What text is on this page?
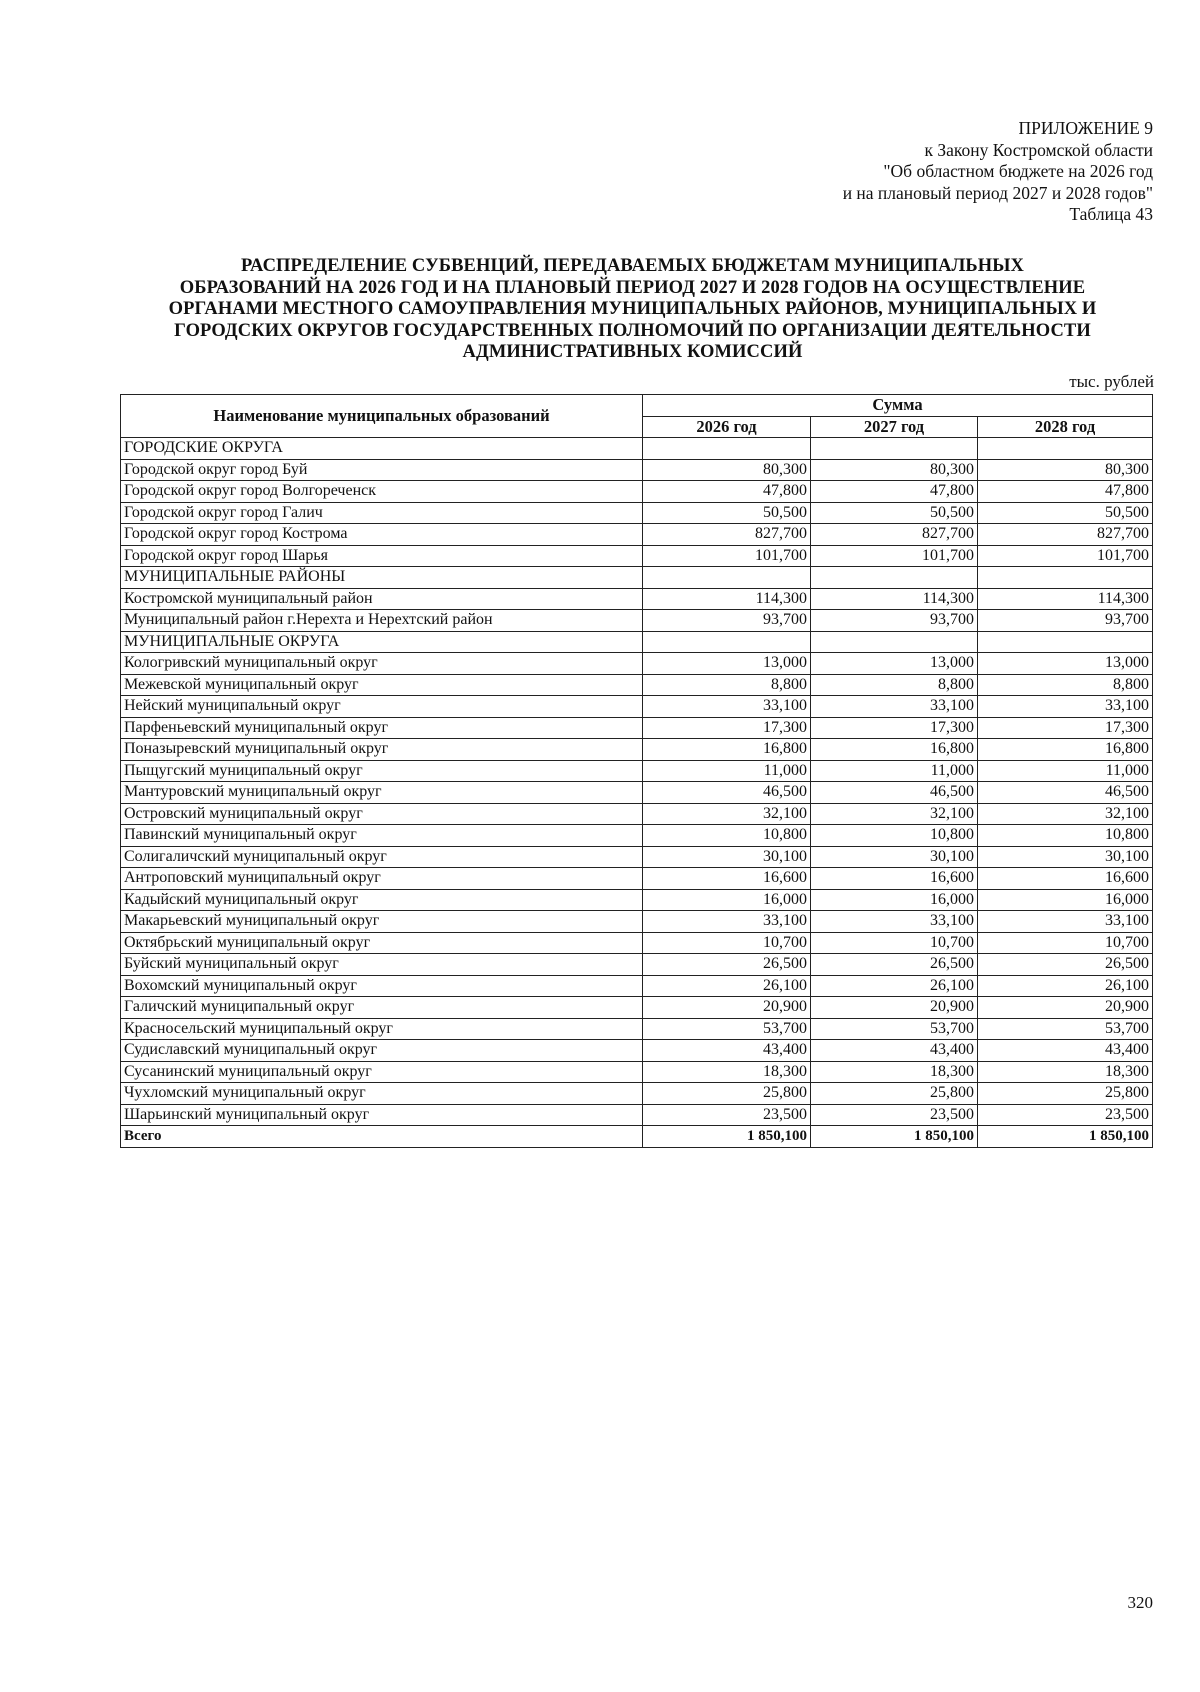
ПРИЛОЖЕНИЕ 9
к Закону Костромской области
"Об областном бюджете на 2026 год
и на плановый период 2027 и 2028 годов"
Таблица 43
РАСПРЕДЕЛЕНИЕ СУБВЕНЦИЙ, ПЕРЕДАВАЕМЫХ БЮДЖЕТАМ МУНИЦИПАЛЬНЫХ
ОБРАЗОВАНИЙ НА 2026 ГОД И НА ПЛАНОВЫЙ ПЕРИОД 2027 И 2028 ГОДОВ НА ОСУЩЕСТВЛЕНИЕ
ОРГАНАМИ МЕСТНОГО САМОУПРАВЛЕНИЯ МУНИЦИПАЛЬНЫХ РАЙОНОВ, МУНИЦИПАЛЬНЫХ И
ГОРОДСКИХ ОКРУГОВ ГОСУДАРСТВЕННЫХ ПОЛНОМОЧИЙ ПО ОРГАНИЗАЦИИ ДЕЯТЕЛЬНОСТИ
АДМИНИСТРАТИВНЫХ КОМИССИЙ
тыс. рублей
Наименование муниципальных образований	Сумма		
	2026 год	2027 год	2028 год
ГОРОДСКИЕ ОКРУГА			
Городской округ город Буй	80,300	80,300	80,300
Городской округ город Волгореченск	47,800	47,800	47,800
Городской округ город Галич	50,500	50,500	50,500
Городской округ город Кострома	827,700	827,700	827,700
Городской округ город Шарья	101,700	101,700	101,700
МУНИЦИПАЛЬНЫЕ РАЙОНЫ			
Костромской муниципальный район	114,300	114,300	114,300
Муниципальный район г.Нерехта и Нерехтский район	93,700	93,700	93,700
МУНИЦИПАЛЬНЫЕ ОКРУГА			
Кологривский муниципальный округ	13,000	13,000	13,000
Межевской муниципальный округ	8,800	8,800	8,800
Нейский муниципальный округ	33,100	33,100	33,100
Парфеньевский муниципальный округ	17,300	17,300	17,300
Поназыревский муниципальный округ	16,800	16,800	16,800
Пыщугский муниципальный округ	11,000	11,000	11,000
Мантуровский муниципальный округ	46,500	46,500	46,500
Островский муниципальный округ	32,100	32,100	32,100
Павинский муниципальный округ	10,800	10,800	10,800
Солигаличский муниципальный округ	30,100	30,100	30,100
Антроповский муниципальный округ	16,600	16,600	16,600
Кадыйский муниципальный округ	16,000	16,000	16,000
Макарьевский муниципальный округ	33,100	33,100	33,100
Октябрьский муниципальный округ	10,700	10,700	10,700
Буйский муниципальный округ	26,500	26,500	26,500
Вохомский муниципальный округ	26,100	26,100	26,100
Галичский муниципальный округ	20,900	20,900	20,900
Красносельский муниципальный округ	53,700	53,700	53,700
Судиславский муниципальный округ	43,400	43,400	43,400
Сусанинский муниципальный округ	18,300	18,300	18,300
Чухломский муниципальный округ	25,800	25,800	25,800
Шарьинский муниципальный округ	23,500	23,500	23,500
Всего	1 850,100	1 850,100	1 850,100
320
